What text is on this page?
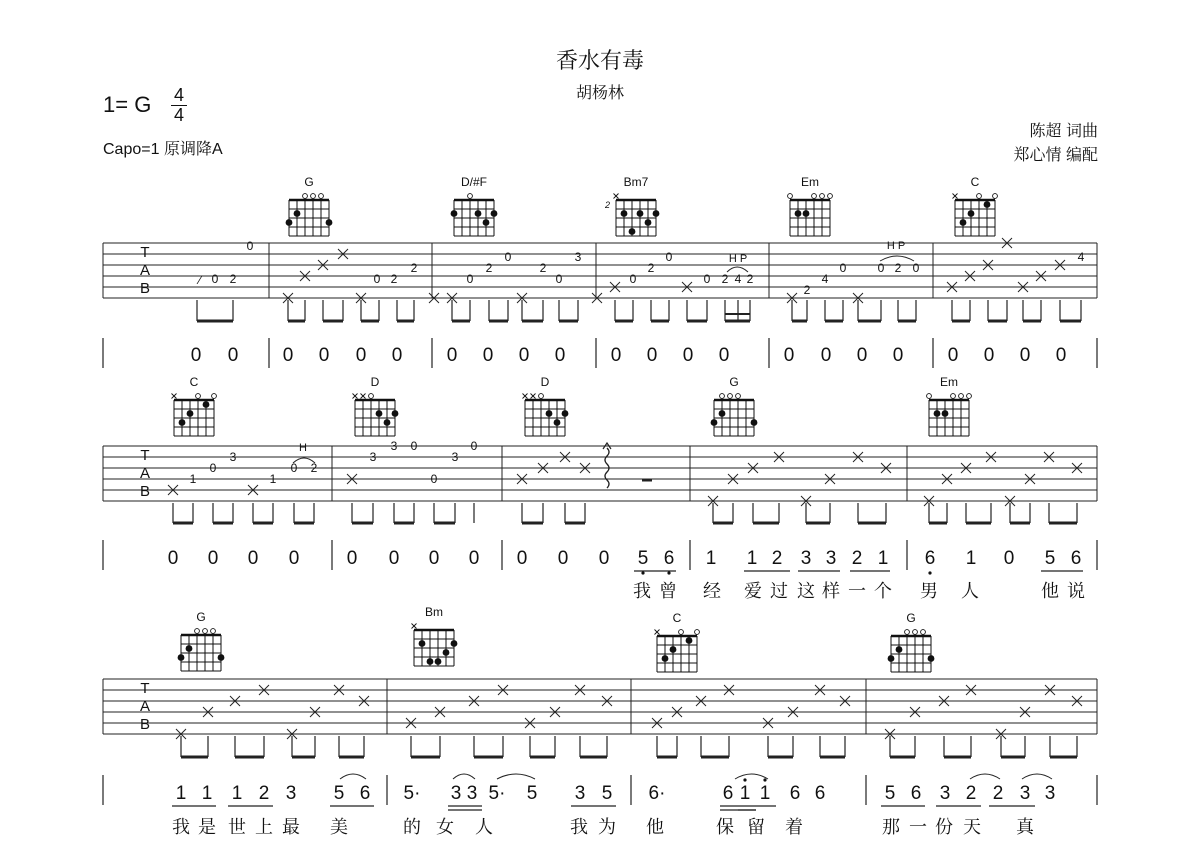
香水有毒
胡杨林
1= G	4
4
Capo=1 原调降A
陈超 词曲
郑心情 编配
G	D/#F	Bm7
2
Em	C
T
A
B
0
2
0
2
2
0
3
0
2
2
0	0
0
2
0	0 2 4 2
2
4
0	0 2 0
4
⁄
H P
H P
0 0 0 0 0 0 0 0 0 0 0 0 0 0	0 0 0 0 0 0 0 0
C	D	D	G	Em
T
A
B
1
0
3
1
0 2
3
3 0
0
3
0
H
0 0 0 0 0 0 0 0 0 0 0 5 6 1 1 2 3 3 2 1 6 1 0 5 6
我 曾 经 爱 过 这 样 一 个 男 人	他 说
G	Bm	C	G
T
A
B
1 1 1 2 3 5 6 5· 3 3 5· 5 3 5 6·	6 1 1 6 6	5 6 3 2 2 3 3
我 是 世 上 最 美	的 女 人	我 为 他	保 留 着	那 一 份 天 真
